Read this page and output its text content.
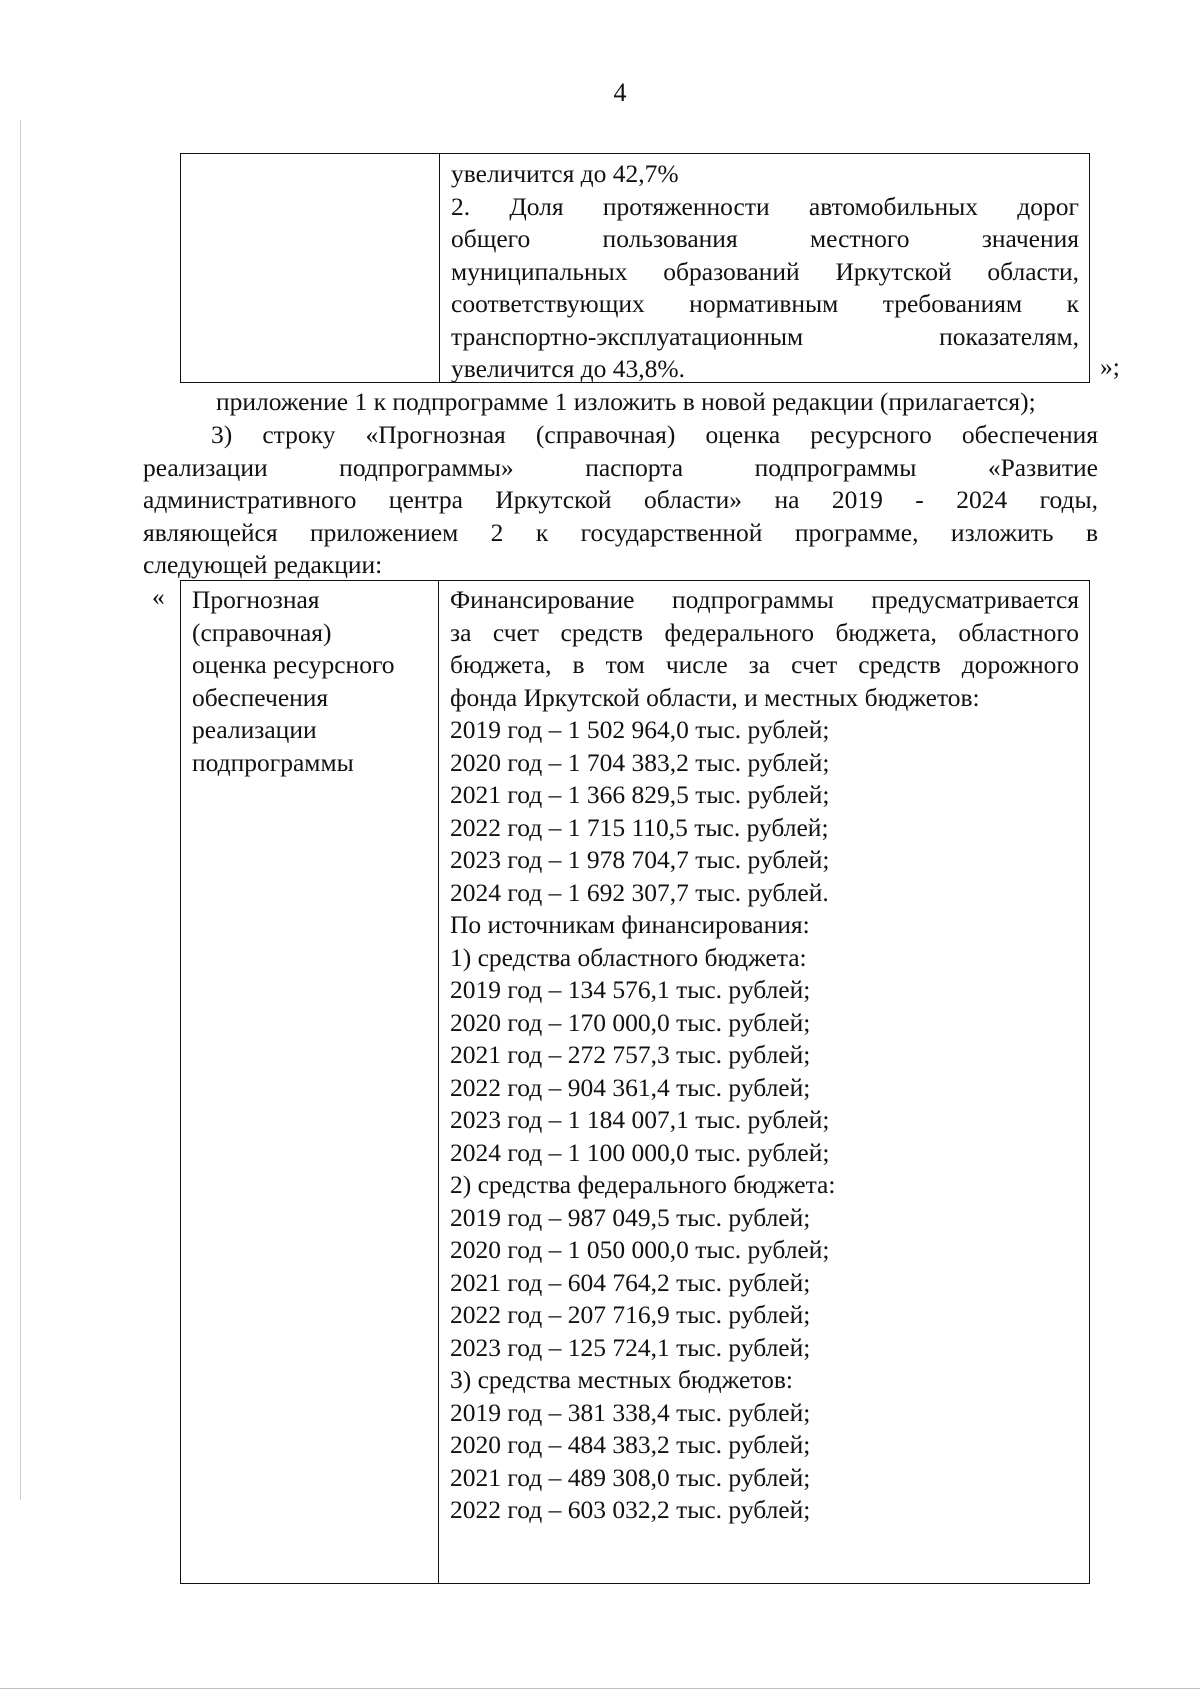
4
увеличится до 42,7%
2. Доля протяженности автомобильных дорог
общего пользования местного значения
муниципальных образований Иркутской области,
соответствующих нормативным требованиям к
транспортно-эксплуатационным показателям,
увеличится до 43,8%.	»;
приложение 1 к подпрограмме 1 изложить в новой редакции (прилагается);
3) строку «Прогнозная (справочная) оценка ресурсного обеспечения
реализации подпрограммы» паспорта подпрограммы «Развитие
административного центра Иркутской области» на 2019 - 2024 годы,
являющейся приложением 2 к государственной программе, изложить в
следующей редакции:
« Прогнозная
(справочная)
оценка ресурсного
обеспечения
реализации
подпрограммы
Финансирование подпрограммы предусматривается
за счет средств федерального бюджета, областного
бюджета, в том числе за счет средств дорожного
фонда Иркутской области, и местных бюджетов:
2019 год – 1 502 964,0 тыс. рублей;
2020 год – 1 704 383,2 тыс. рублей;
2021 год – 1 366 829,5 тыс. рублей;
2022 год – 1 715 110,5 тыс. рублей;
2023 год – 1 978 704,7 тыс. рублей;
2024 год – 1 692 307,7 тыс. рублей.
По источникам финансирования:
1) средства областного бюджета:
2019 год – 134 576,1 тыс. рублей;
2020 год – 170 000,0 тыс. рублей;
2021 год – 272 757,3 тыс. рублей;
2022 год – 904 361,4 тыс. рублей;
2023 год – 1 184 007,1 тыс. рублей;
2024 год – 1 100 000,0 тыс. рублей;
2) средства федерального бюджета:
2019 год – 987 049,5 тыс. рублей;
2020 год – 1 050 000,0 тыс. рублей;
2021 год – 604 764,2 тыс. рублей;
2022 год – 207 716,9 тыс. рублей;
2023 год – 125 724,1 тыс. рублей;
3) средства местных бюджетов:
2019 год – 381 338,4 тыс. рублей;
2020 год – 484 383,2 тыс. рублей;
2021 год – 489 308,0 тыс. рублей;
2022 год – 603 032,2 тыс. рублей;
